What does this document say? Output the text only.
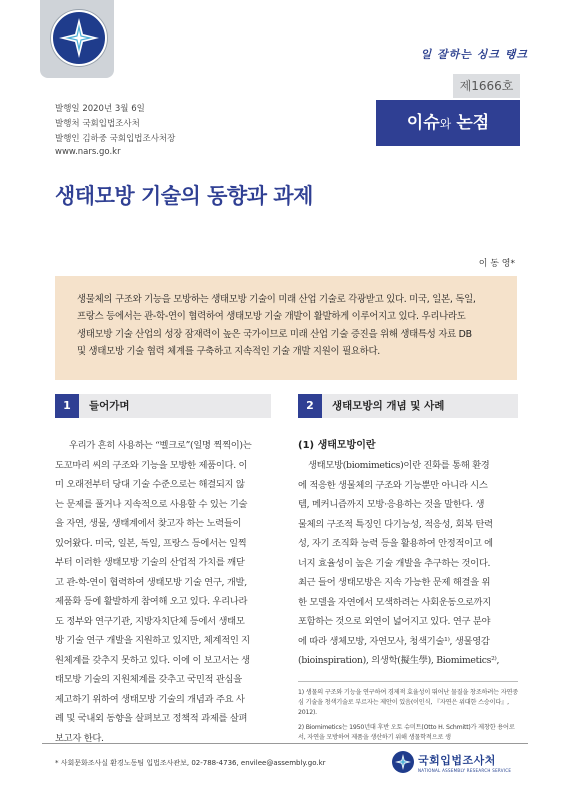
일 잘하는 싱크 탱크
제1666호
이슈와 논점
발행일 2020년 3월 6일
발행처 국회입법조사처
발행인 김하중 국회입법조사처장
www.nars.go.kr
생태모방 기술의 동향과 과제
이 동 영*
생물체의 구조와 기능을 모방하는 생태모방 기술이 미래 산업 기술로 각광받고 있다. 미국, 일본, 독일,
프랑스 등에서는 관-학-연이 협력하여 생태모방 기술 개발이 활발하게 이루어지고 있다. 우리나라도
생태모방 기술 산업의 성장 잠재력이 높은 국가이므로 미래 산업 기술 증진을 위해 생태특성 자료 DB
및 생태모방 기술 협력 체계를 구축하고 지속적인 기술 개발 지원이 필요하다.
1	들어가며
우리가 흔히 사용하는 “벨크로”(일명 찍찍이)는
도꼬마리 씨의 구조와 기능을 모방한 제품이다. 이
미 오래전부터 당대 기술 수준으로는 해결되지 않
는 문제를 풀거나 지속적으로 사용할 수 있는 기술
을 자연, 생물, 생태계에서 찾고자 하는 노력들이
있어왔다. 미국, 일본, 독일, 프랑스 등에서는 일찍
부터 이러한 생태모방 기술의 산업적 가치를 깨닫
고 관-학-연이 협력하여 생태모방 기술 연구, 개발,
제품화 등에 활발하게 참여해 오고 있다. 우리나라
도 정부와 연구기관, 지방자치단체 등에서 생태모
방 기술 연구 개발을 지원하고 있지만, 체계적인 지
원체계를 갖추지 못하고 있다. 이에 이 보고서는 생
태모방 기술의 지원체계를 갖추고 국민적 관심을
제고하기 위하여 생태모방 기술의 개념과 주요 사
례 및 국내외 동향을 살펴보고 정책적 과제를 살펴
보고자 한다.
2	생태모방의 개념 및 사례
(1) 생태모방이란
생태모방(biomimetics)이란 진화를 통해 환경
에 적응한 생물체의 구조와 기능뿐만 아니라 시스
템, 메커니즘까지 모방·응용하는 것을 말한다. 생
물체의 구조적 특징인 다기능성, 적응성, 회복 탄력
성, 자기 조직화 능력 등을 활용하여 안정적이고 에
너지 효율성이 높은 기술 개발을 추구하는 것이다.
최근 들어 생태모방은 지속 가능한 문제 해결을 위
한 모델을 자연에서 모색하려는 사회운동으로까지
포함하는 것으로 외연이 넓어지고 있다. 연구 분야
에 따라 생체모방, 자연모사, 청색기술¹⁾, 생물영감
(bioinspiration), 의생학(擬生學), Biomimetics²⁾,

1) 생물의 구조와 기능을 연구하여 경제적 효율성이 뛰어난 물질을 창조하려는 자연중심 기술을 청색기술로 부르자는 제안이 있음(이인식, 『자연은 위대한 스승이다』, 2012).

2) Biomimetics는 1950년대 후반 오토 슈미트(Otto H. Schmitt)가 제창한 용어로서, 자연을 모방하여 제품을 생산하기 위해 생물학적으로 생

* 사회문화조사실 환경노동팀 입법조사관보, 02-788-4736, envilee@assembly.go.kr	국회입법조사처
NATIONAL ASSEMBLY RESEARCH SERVICE
